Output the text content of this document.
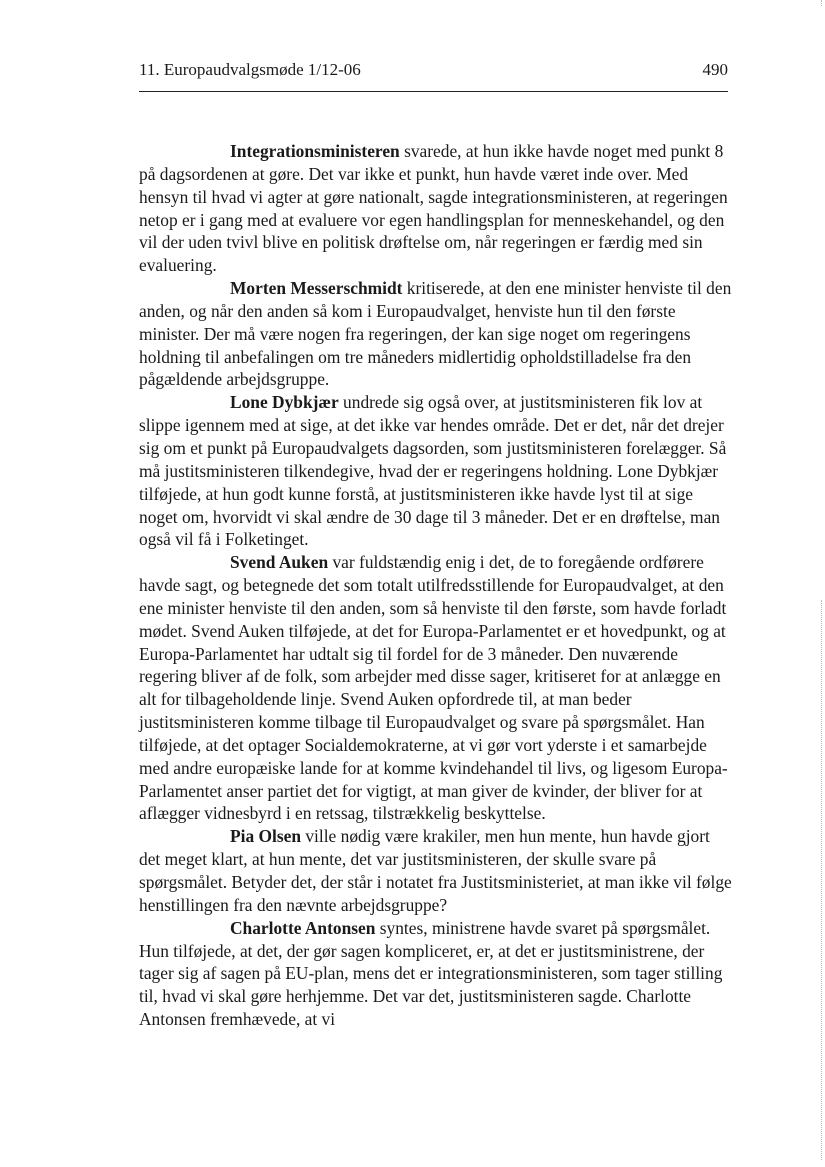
11. Europaudvalgsmøde 1/12-06	490

Integrationsministeren svarede, at hun ikke havde noget med punkt 8 på dagsordenen at gøre. Det var ikke et punkt, hun havde været inde over. Med hensyn til hvad vi agter at gøre nationalt, sagde integrationsministeren, at regeringen netop er i gang med at evaluere vor egen handlingsplan for menneskehandel, og den vil der uden tvivl blive en politisk drøftelse om, når regeringen er færdig med sin evaluering.

Morten Messerschmidt kritiserede, at den ene minister henviste til den anden, og når den anden så kom i Europaudvalget, henviste hun til den første minister. Der må være nogen fra regeringen, der kan sige noget om regeringens holdning til anbefalingen om tre måneders midlertidig opholdstilladelse fra den pågældende arbejdsgruppe.

Lone Dybkjær undrede sig også over, at justitsministeren fik lov at slippe igennem med at sige, at det ikke var hendes område. Det er det, når det drejer sig om et punkt på Europaudvalgets dagsorden, som justitsministeren forelægger. Så må justitsministeren tilkendegive, hvad der er regeringens holdning. Lone Dybkjær tilføjede, at hun godt kunne forstå, at justitsministeren ikke havde lyst til at sige noget om, hvorvidt vi skal ændre de 30 dage til 3 måneder. Det er en drøftelse, man også vil få i Folketinget.

Svend Auken var fuldstændig enig i det, de to foregående ordførere havde sagt, og betegnede det som totalt utilfredsstillende for Europaudvalget, at den ene minister henviste til den anden, som så henviste til den første, som havde forladt mødet. Svend Auken tilføjede, at det for Europa-Parlamentet er et hovedpunkt, og at Europa-Parlamentet har udtalt sig til fordel for de 3 måneder. Den nuværende regering bliver af de folk, som arbejder med disse sager, kritiseret for at anlægge en alt for tilbageholdende linje. Svend Auken opfordrede til, at man beder justitsministeren komme tilbage til Europaudvalget og svare på spørgsmålet. Han tilføjede, at det optager Socialdemokraterne, at vi gør vort yderste i et samarbejde med andre europæiske lande for at komme kvindehandel til livs, og ligesom Europa-Parlamentet anser partiet det for vigtigt, at man giver de kvinder, der bliver for at aflægger vidnesbyrd i en retssag, tilstrækkelig beskyttelse.

Pia Olsen ville nødig være krakiler, men hun mente, hun havde gjort det meget klart, at hun mente, det var justitsministeren, der skulle svare på spørgsmålet. Betyder det, der står i notatet fra Justitsministeriet, at man ikke vil følge henstillingen fra den nævnte arbejdsgruppe?

Charlotte Antonsen syntes, ministrene havde svaret på spørgsmålet. Hun tilføjede, at det, der gør sagen kompliceret, er, at det er justitsministrene, der tager sig af sagen på EU-plan, mens det er integrationsministeren, som tager stilling til, hvad vi skal gøre herhjemme. Det var det, justitsministeren sagde. Charlotte Antonsen fremhævede, at vi
